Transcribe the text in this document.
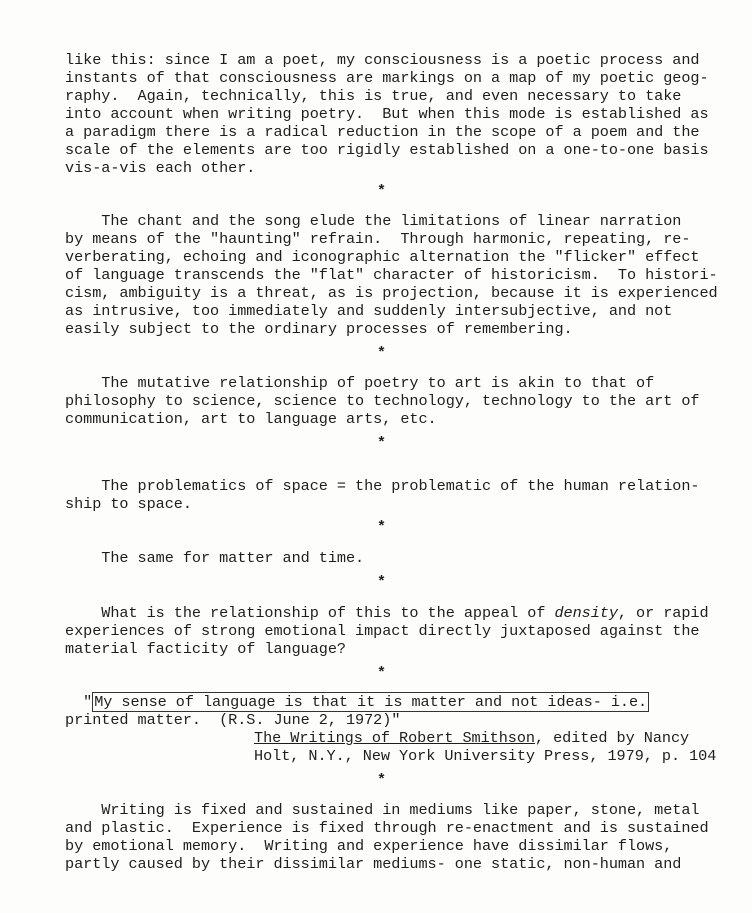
like this: since I am a poet, my consciousness is a poetic process and
instants of that consciousness are markings on a map of my poetic geog-
raphy.  Again, technically, this is true, and even necessary to take
into account when writing poetry.  But when this mode is established as
a paradigm there is a radical reduction in the scope of a poem and the
scale of the elements are too rigidly established on a one-to-one basis
vis-a-vis each other.
*
The chant and the song elude the limitations of linear narration
by means of the "haunting" refrain.  Through harmonic, repeating, re-
verberating, echoing and iconographic alternation the "flicker" effect
of language transcends the "flat" character of historicism.  To histori-
cism, ambiguity is a threat, as is projection, because it is experienced
as intrusive, too immediately and suddenly intersubjective, and not
easily subject to the ordinary processes of remembering.
*
The mutative relationship of poetry to art is akin to that of
philosophy to science, science to technology, technology to the art of
communication, art to language arts, etc.
*
The problematics of space = the problematic of the human relation-
ship to space.
*
The same for matter and time.
*
What is the relationship of this to the appeal of density, or rapid
experiences of strong emotional impact directly juxtaposed against the
material facticity of language?
*
" My sense of language is that it is matter and not ideas- i.e.
printed matter.  (R.S. June 2, 1972)"
The Writings of Robert Smithson, edited by Nancy
Holt, N.Y., New York University Press, 1979, p. 104
*
Writing is fixed and sustained in mediums like paper, stone, metal
and plastic.  Experience is fixed through re-enactment and is sustained
by emotional memory.  Writing and experience have dissimilar flows,
partly caused by their dissimilar mediums- one static, non-human and
